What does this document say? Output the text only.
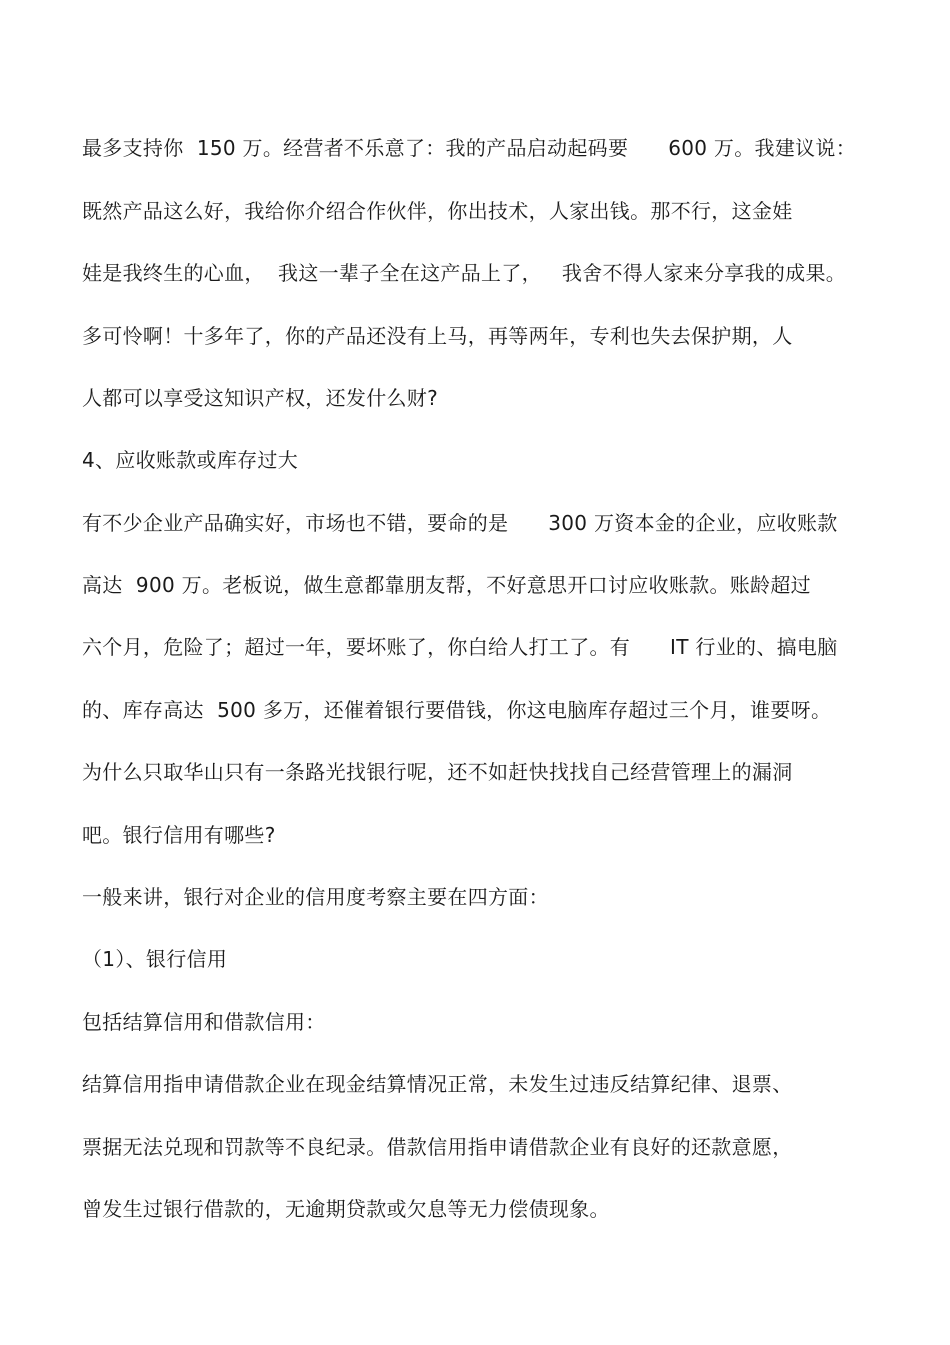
最多支持你  150 万。经营者不乐意了：我的产品启动起码要      600 万。我建议说：
既然产品这么好，我给你介绍合作伙伴，你出技术，人家出钱。那不行，这金娃
娃是我终生的心血，  我这一辈子全在这产品上了，   我舍不得人家来分享我的成果。
多可怜啊！十多年了，你的产品还没有上马，再等两年，专利也失去保护期，人
人都可以享受这知识产权，还发什么财?
4、应收账款或库存过大
有不少企业产品确实好，市场也不错，要命的是      300 万资本金的企业，应收账款
高达  900 万。老板说，做生意都靠朋友帮，不好意思开口讨应收账款。账龄超过
六个月，危险了；超过一年，要坏账了，你白给人打工了。有      IT 行业的、搞电脑
的、库存高达  500 多万，还催着银行要借钱，你这电脑库存超过三个月，谁要呀。
为什么只取华山只有一条路光找银行呢，还不如赶快找找自己经营管理上的漏洞
吧。银行信用有哪些?
一般来讲，银行对企业的信用度考察主要在四方面：
（1）、银行信用
包括结算信用和借款信用：
结算信用指申请借款企业在现金结算情况正常，未发生过违反结算纪律、退票、
票据无法兑现和罚款等不良纪录。借款信用指申请借款企业有良好的还款意愿，
曾发生过银行借款的，无逾期贷款或欠息等无力偿债现象。
